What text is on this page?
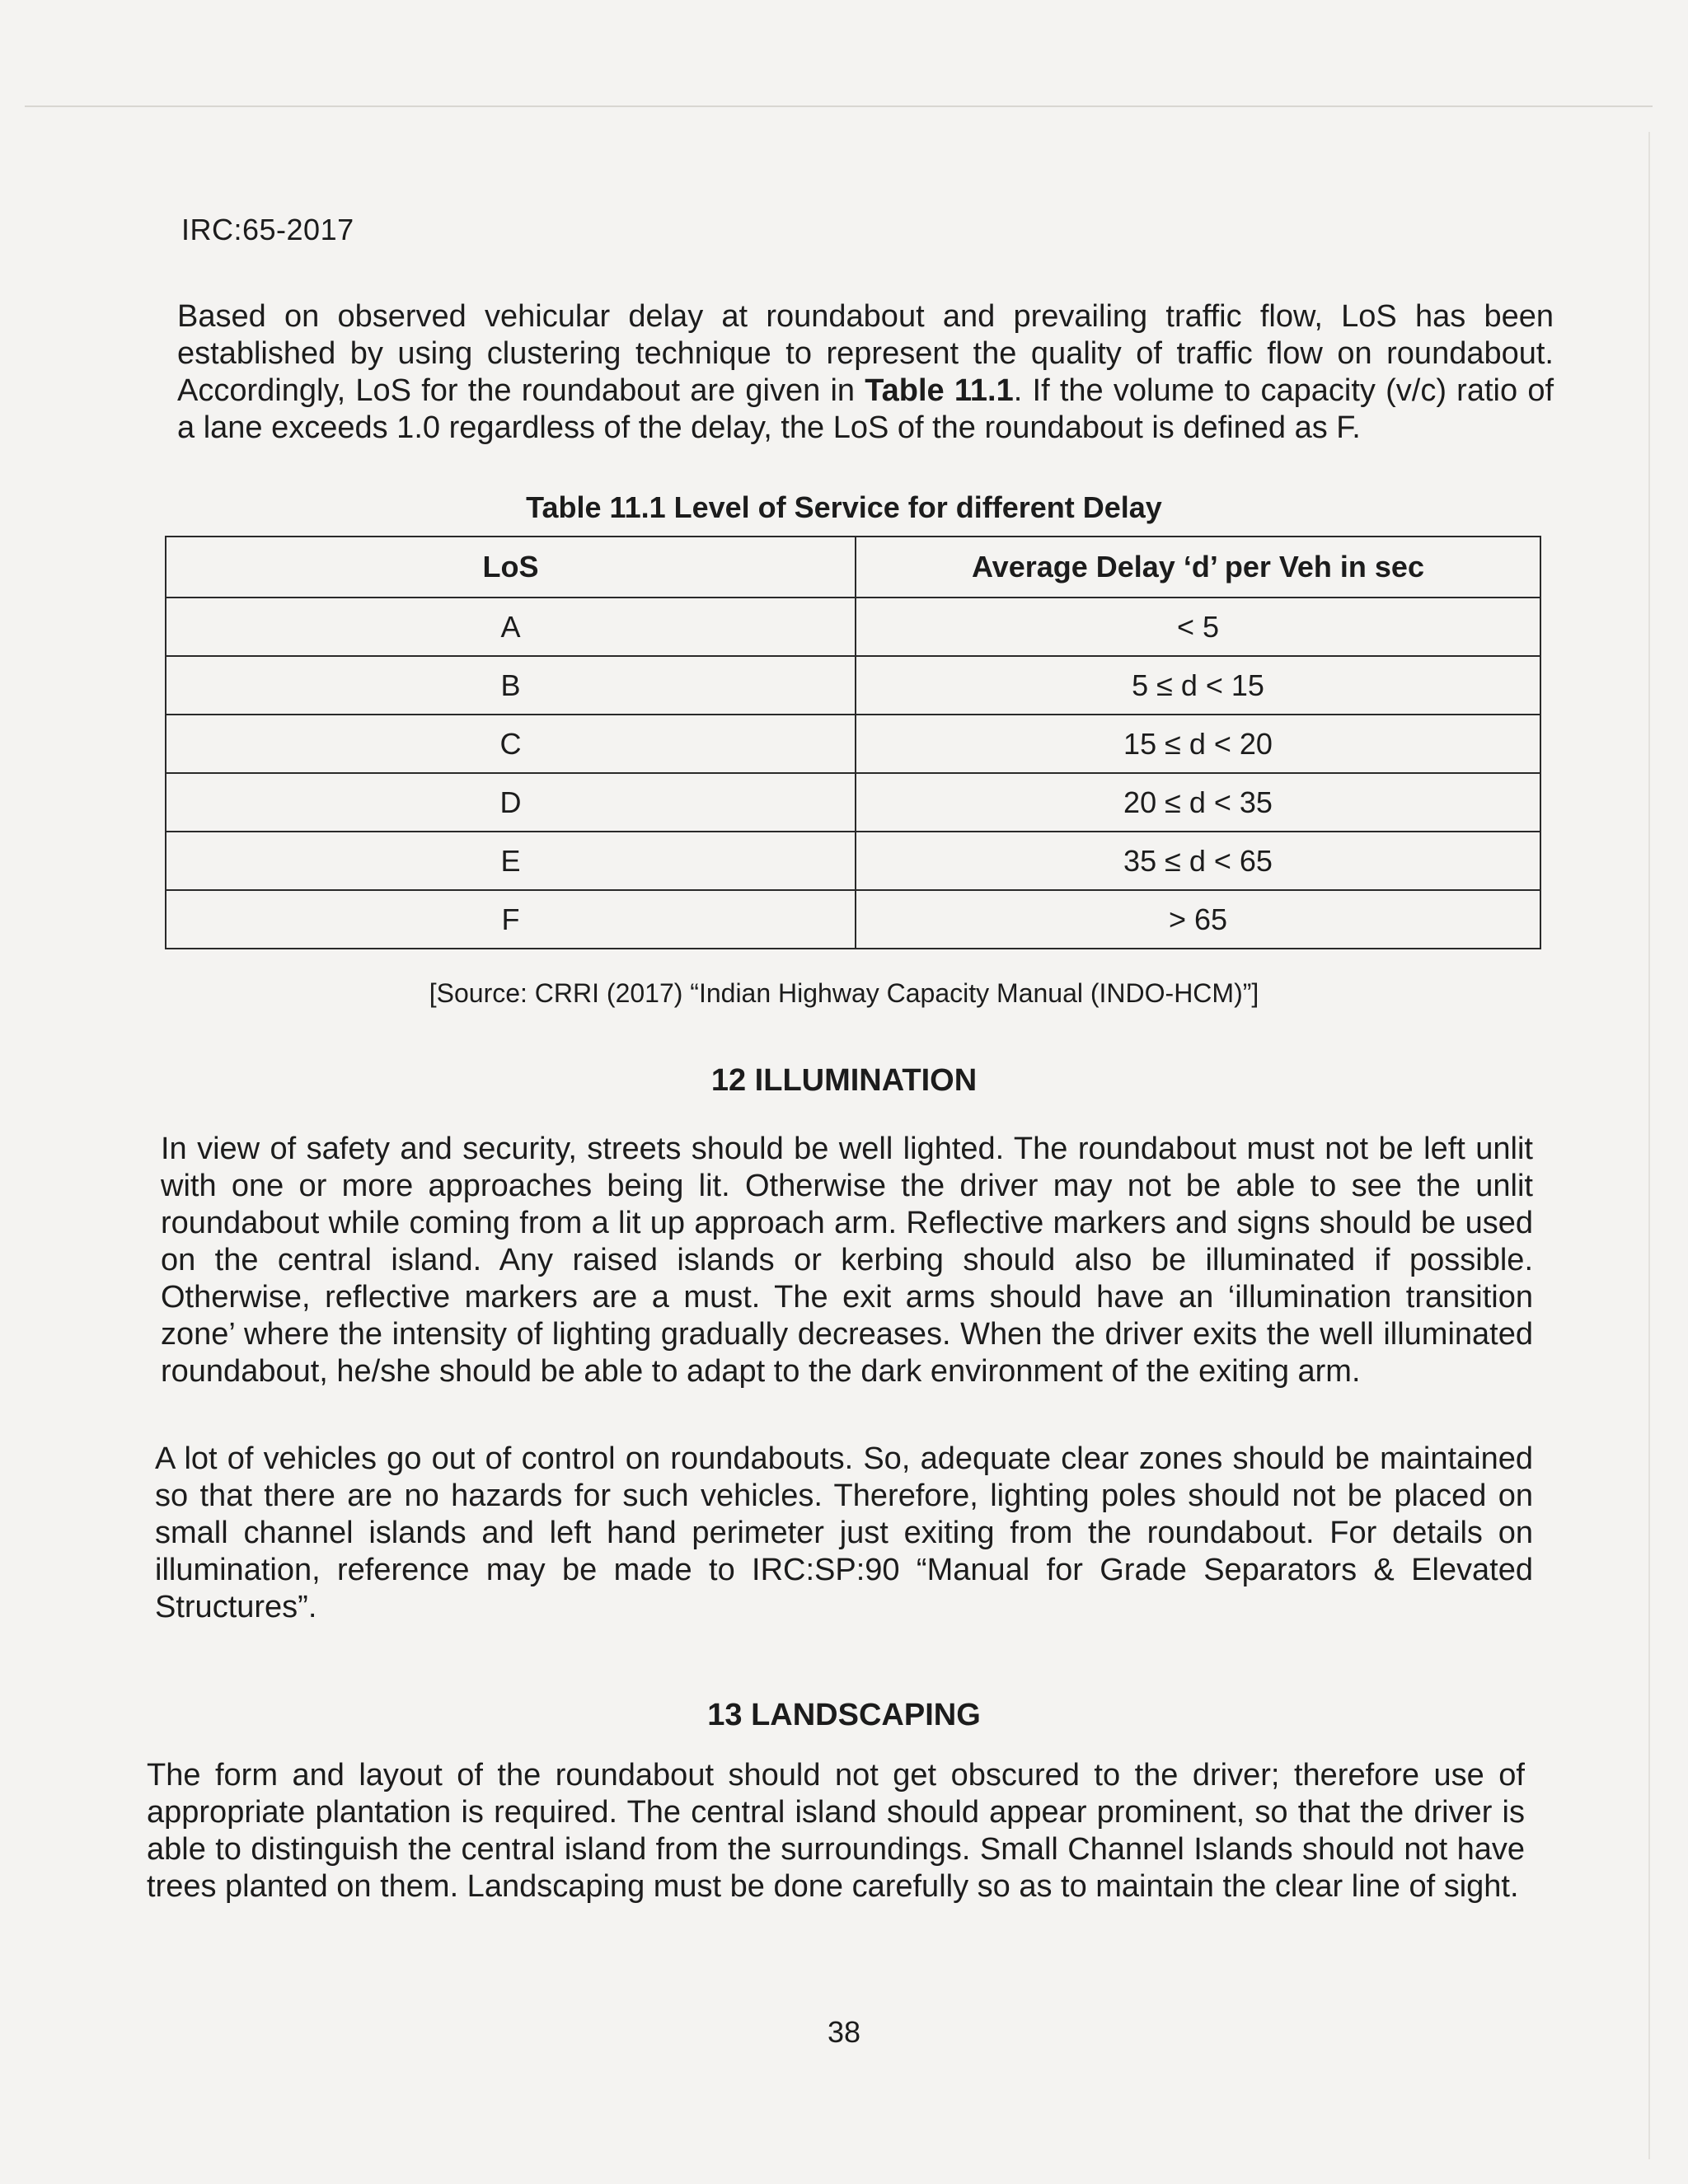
IRC:65-2017

Based on observed vehicular delay at roundabout and prevailing traffic flow, LoS has been established by using clustering technique to represent the quality of traffic flow on roundabout. Accordingly, LoS for the roundabout are given in Table 11.1. If the volume to capacity (v/c) ratio of a lane exceeds 1.0 regardless of the delay, the LoS of the roundabout is defined as F.

Table 11.1 Level of Service for different Delay
LoS	Average Delay ‘d’ per Veh in sec
A	< 5
B	5 ≤ d < 15
C	15 ≤ d < 20
D	20 ≤ d < 35
E	35 ≤ d < 65
F	> 65
[Source: CRRI (2017) “Indian Highway Capacity Manual (INDO-HCM)”]
12 ILLUMINATION

In view of safety and security, streets should be well lighted. The roundabout must not be left unlit with one or more approaches being lit. Otherwise the driver may not be able to see the unlit roundabout while coming from a lit up approach arm. Reflective markers and signs should be used on the central island. Any raised islands or kerbing should also be illuminated if possible. Otherwise, reflective markers are a must. The exit arms should have an ‘illumination transition zone’ where the intensity of lighting gradually decreases. When the driver exits the well illuminated roundabout, he/she should be able to adapt to the dark environment of the exiting arm.

A lot of vehicles go out of control on roundabouts. So, adequate clear zones should be maintained so that there are no hazards for such vehicles. Therefore, lighting poles should not be placed on small channel islands and left hand perimeter just exiting from the roundabout. For details on illumination, reference may be made to IRC:SP:90 “Manual for Grade Separators & Elevated Structures”.

13 LANDSCAPING

The form and layout of the roundabout should not get obscured to the driver; therefore use of appropriate plantation is required. The central island should appear prominent, so that the driver is able to distinguish the central island from the surroundings. Small Channel Islands should not have trees planted on them. Landscaping must be done carefully so as to maintain the clear line of sight.

38
